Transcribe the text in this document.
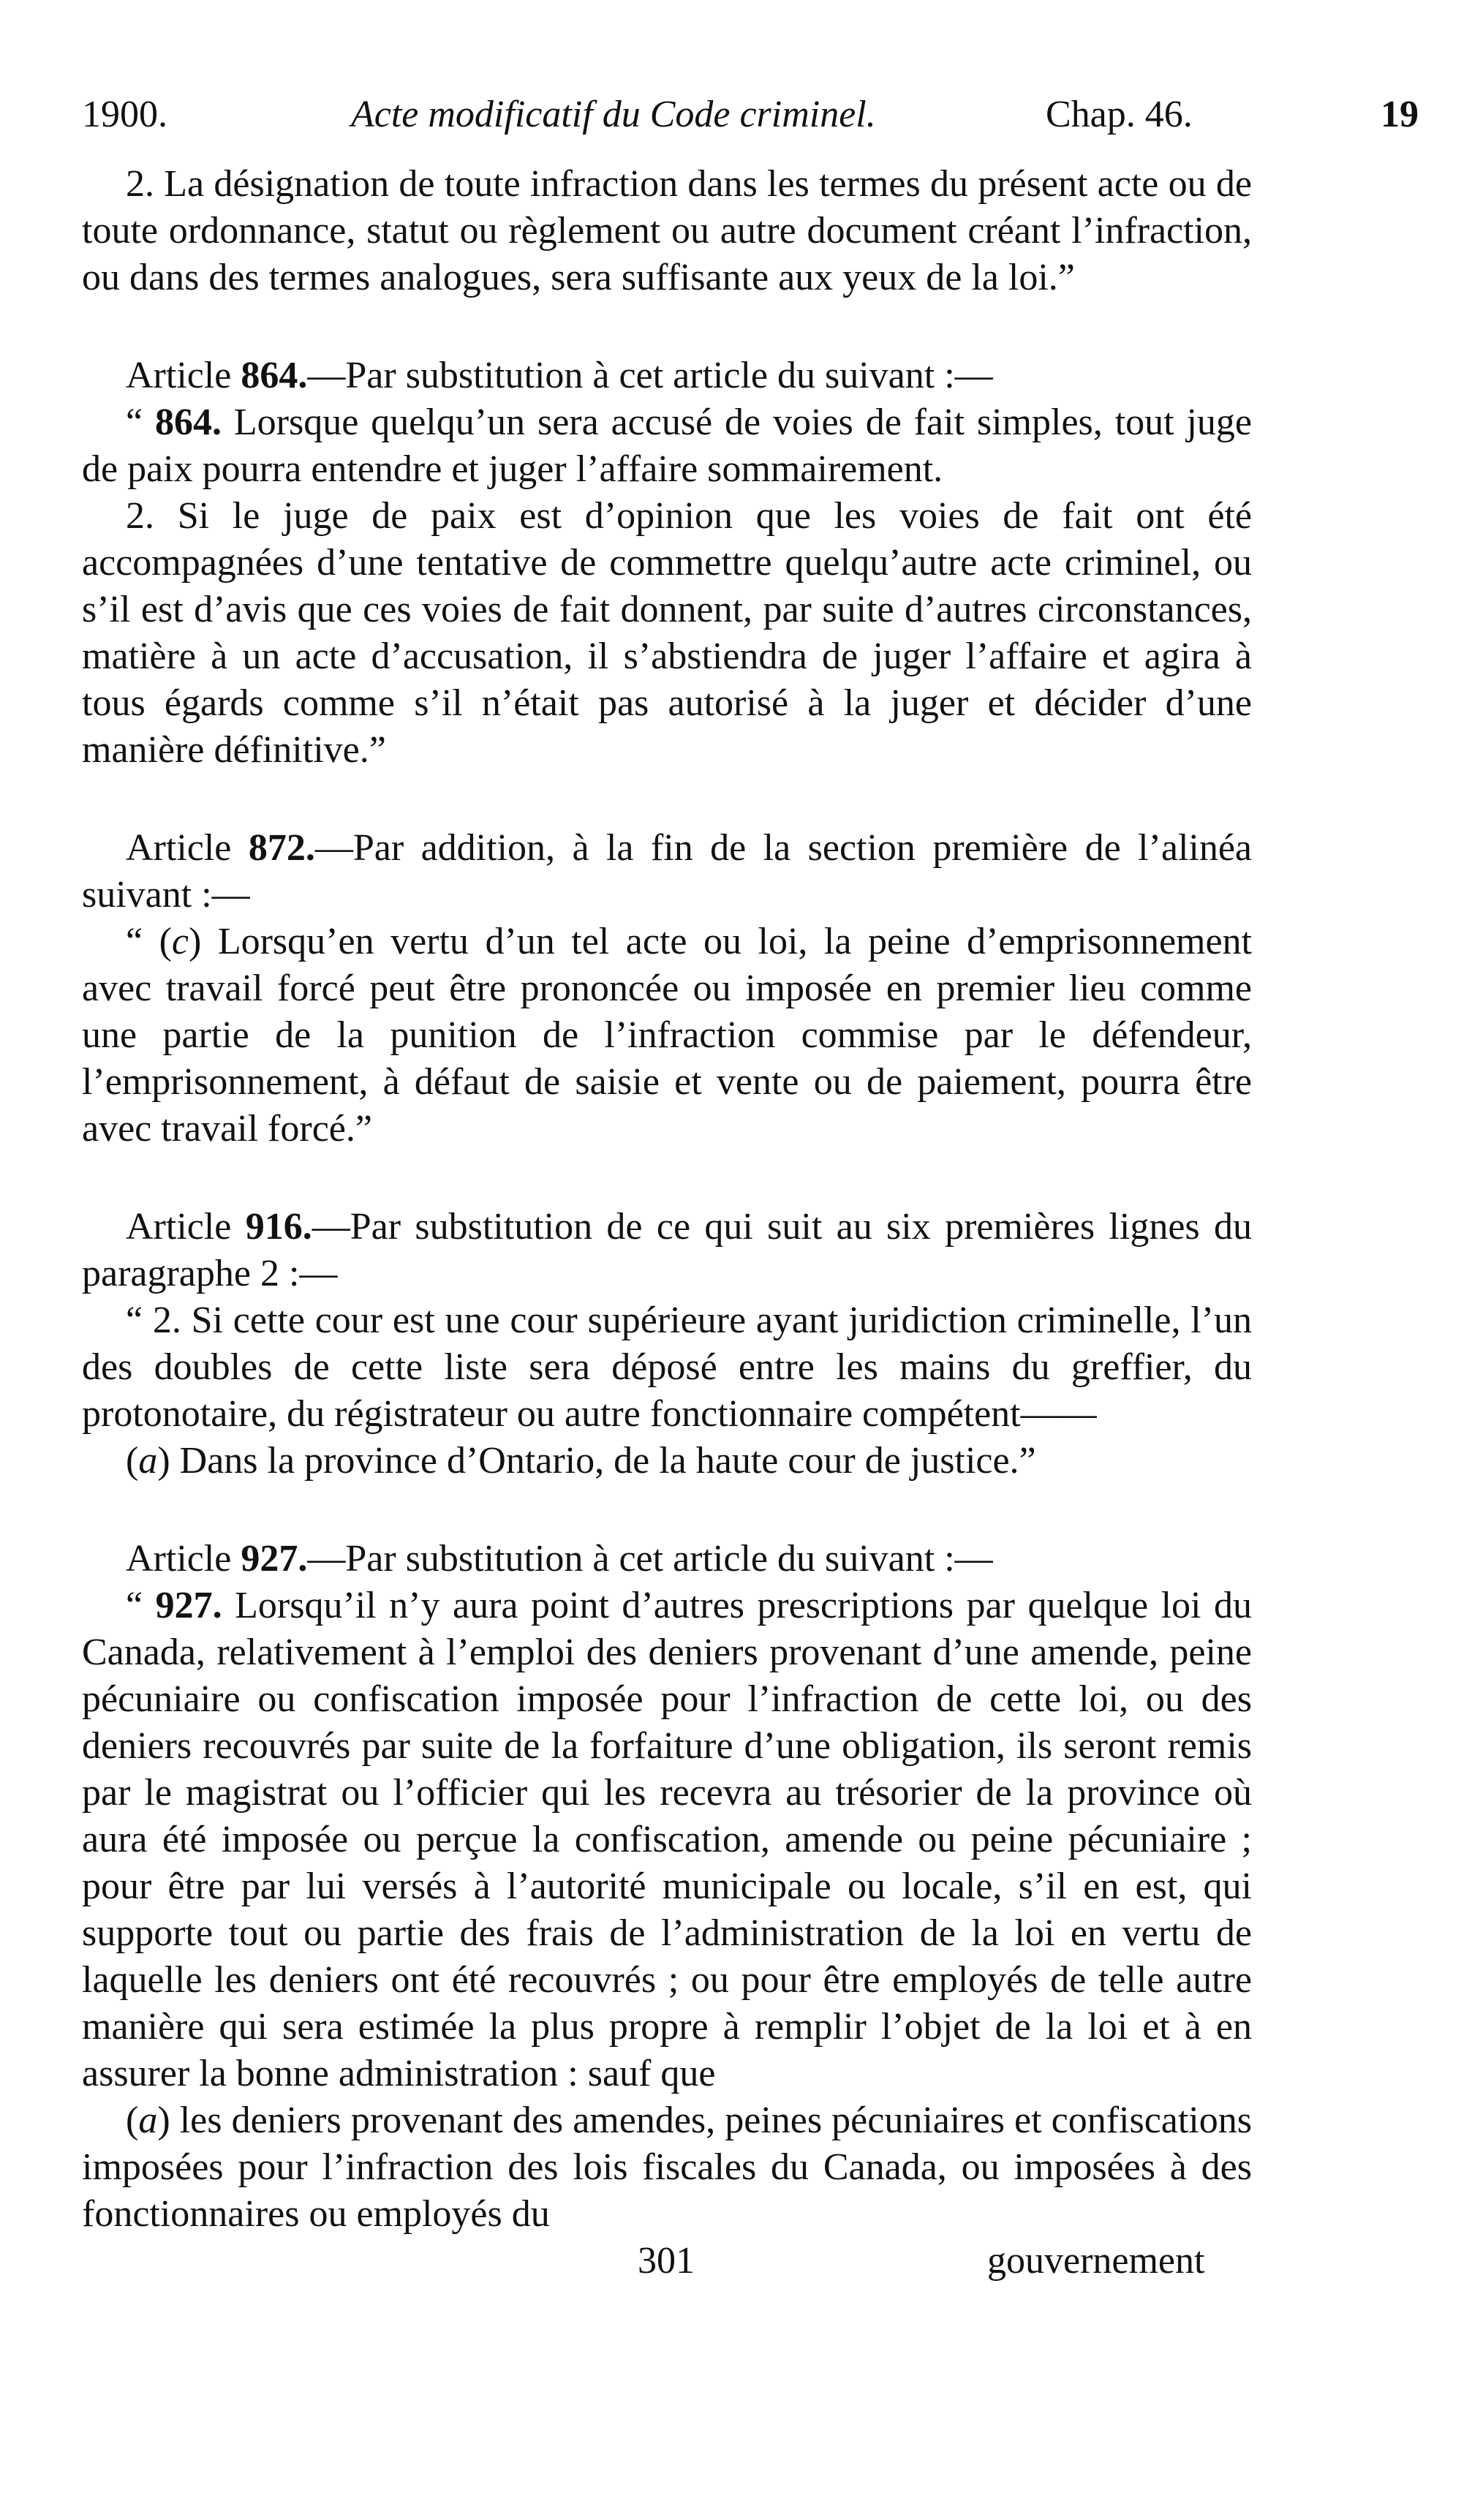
1900.	Acte modificatif du Code criminel.	Chap. 46.	19

2. La désignation de toute infraction dans les termes du présent acte ou de toute ordonnance, statut ou règlement ou autre document créant l’infraction, ou dans des termes analogues, sera suffisante aux yeux de la loi.”

Article 864.—Par substitution à cet article du suivant :—

“ 864. Lorsque quelqu’un sera accusé de voies de fait simples, tout juge de paix pourra entendre et juger l’affaire sommairement.

2. Si le juge de paix est d’opinion que les voies de fait ont été accompagnées d’une tentative de commettre quelqu’autre acte criminel, ou s’il est d’avis que ces voies de fait donnent, par suite d’autres circonstances, matière à un acte d’accusation, il s’abstiendra de juger l’affaire et agira à tous égards comme s’il n’était pas autorisé à la juger et décider d’une manière définitive.”

Article 872.—Par addition, à la fin de la section première de l’alinéa suivant :—

“ (c) Lorsqu’en vertu d’un tel acte ou loi, la peine d’emprisonnement avec travail forcé peut être prononcée ou imposée en premier lieu comme une partie de la punition de l’infraction commise par le défendeur, l’emprisonnement, à défaut de saisie et vente ou de paiement, pourra être avec travail forcé.”

Article 916.—Par substitution de ce qui suit au six premières lignes du paragraphe 2 :—

“ 2. Si cette cour est une cour supérieure ayant juridiction criminelle, l’un des doubles de cette liste sera déposé entre les mains du greffier, du protonotaire, du régistrateur ou autre fonctionnaire compétent——

(a) Dans la province d’Ontario, de la haute cour de justice.”

Article 927.—Par substitution à cet article du suivant :—

“ 927. Lorsqu’il n’y aura point d’autres prescriptions par quelque loi du Canada, relativement à l’emploi des deniers provenant d’une amende, peine pécuniaire ou confiscation imposée pour l’infraction de cette loi, ou des deniers recouvrés par suite de la forfaiture d’une obligation, ils seront remis par le magistrat ou l’officier qui les recevra au trésorier de la province où aura été imposée ou perçue la confiscation, amende ou peine pécuniaire ; pour être par lui versés à l’autorité municipale ou locale, s’il en est, qui supporte tout ou partie des frais de l’administration de la loi en vertu de laquelle les deniers ont été recouvrés ; ou pour être employés de telle autre manière qui sera estimée la plus propre à remplir l’objet de la loi et à en assurer la bonne administration : sauf que

(a) les deniers provenant des amendes, peines pécuniaires et confiscations imposées pour l’infraction des lois fiscales du Canada, ou imposées à des fonctionnaires ou employés du

301	gouvernement
